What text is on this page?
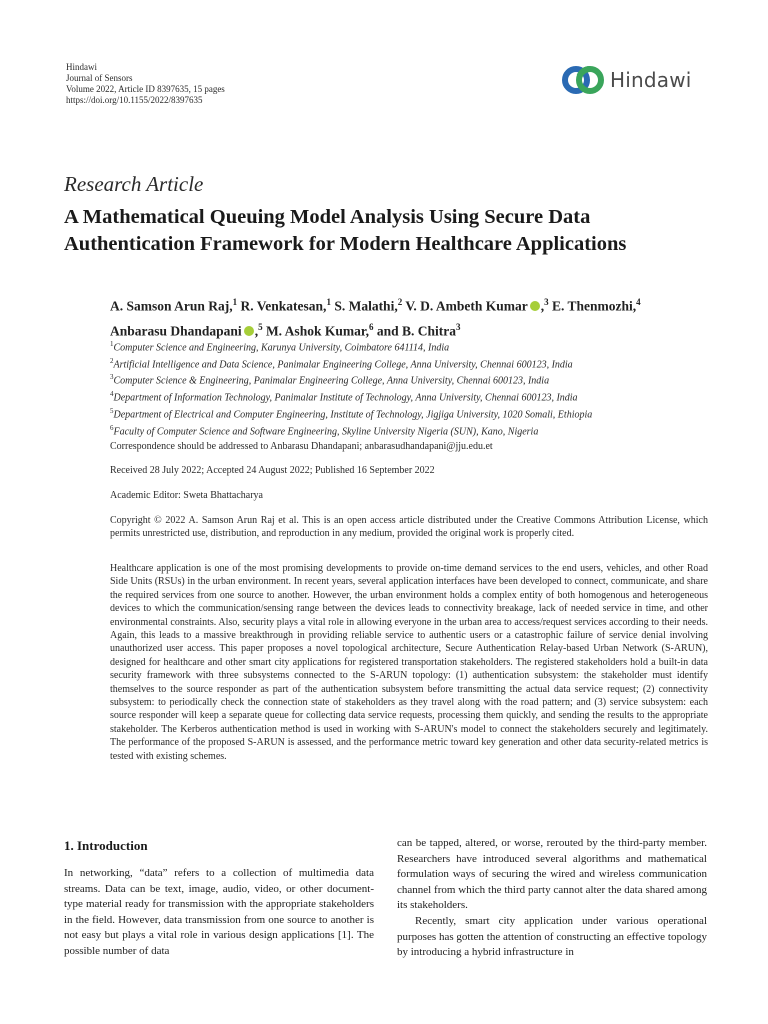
Hindawi
Journal of Sensors
Volume 2022, Article ID 8397635, 15 pages
https://doi.org/10.1155/2022/8397635
Hindawi
Research Article
A Mathematical Queuing Model Analysis Using Secure Data Authentication Framework for Modern Healthcare Applications
A. Samson Arun Raj,$^1$ R. Venkatesan,$^1$ S. Malathi,$^2$ V. D. Ambeth Kumar ,$^3$ E. Thenmozhi,$^4$
Anbarasu Dhandapani ,$^5$ M. Ashok Kumar,$^6$ and B. Chitra$^3$
$^1$Computer Science and Engineering, Karunya University, Coimbatore 641114, India
$^2$Artificial Intelligence and Data Science, Panimalar Engineering College, Anna University, Chennai 600123, India
$^3$Computer Science & Engineering, Panimalar Engineering College, Anna University, Chennai 600123, India
$^4$Department of Information Technology, Panimalar Institute of Technology, Anna University, Chennai 600123, India
$^5$Department of Electrical and Computer Engineering, Institute of Technology, Jigjiga University, 1020 Somali, Ethiopia
$^6$Faculty of Computer Science and Software Engineering, Skyline University Nigeria (SUN), Kano, Nigeria
Correspondence should be addressed to Anbarasu Dhandapani; anbarasudhandapani@jju.edu.et
Received 28 July 2022; Accepted 24 August 2022; Published 16 September 2022
Academic Editor: Sweta Bhattacharya
Copyright © 2022 A. Samson Arun Raj et al. This is an open access article distributed under the Creative Commons Attribution License, which permits unrestricted use, distribution, and reproduction in any medium, provided the original work is properly cited.
Healthcare application is one of the most promising developments to provide on-time demand services to the end users, vehicles, and other Road Side Units (RSUs) in the urban environment. In recent years, several application interfaces have been developed to connect, communicate, and share the required services from one source to another. However, the urban environment holds a complex entity of both homogenous and heterogeneous devices to which the communication/sensing range between the devices leads to connectivity breakage, lack of needed service in time, and other environmental constraints. Also, security plays a vital role in allowing everyone in the urban area to access/request services according to their needs. Again, this leads to a massive breakthrough in providing reliable service to authentic users or a catastrophic failure of service denial involving unauthorized user access. This paper proposes a novel topological architecture, Secure Authentication Relay-based Urban Network (S-ARUN), designed for healthcare and other smart city applications for registered transportation stakeholders. The registered stakeholders hold a built-in data security framework with three subsystems connected to the S-ARUN topology: (1) authentication subsystem: the stakeholder must identify themselves to the source responder as part of the authentication subsystem before transmitting the actual data service request; (2) connectivity subsystem: to periodically check the connection state of stakeholders as they travel along with the road pattern; and (3) service subsystem: each source responder will keep a separate queue for collecting data service requests, processing them quickly, and sending the results to the appropriate stakeholder. The Kerberos authentication method is used in working with S-ARUN's model to connect the stakeholders securely and legitimately. The performance of the proposed S-ARUN is assessed, and the performance metric toward key generation and other data security-related metrics is tested with existing schemes.
1. Introduction

In networking, “data” refers to a collection of multimedia data streams. Data can be text, image, audio, video, or other document-type material ready for transmission with the appropriate stakeholders in the field. However, data transmission from one source to another is not easy but plays a vital role in various design applications [1]. The possible number of data

can be tapped, altered, or worse, rerouted by the third-party member. Researchers have introduced several algorithms and mathematical formulation ways of securing the wired and wireless communication channel from which the third party cannot alter the data shared among its stakeholders.

Recently, smart city application under various operational purposes has gotten the attention of constructing an effective topology by introducing a hybrid infrastructure in
